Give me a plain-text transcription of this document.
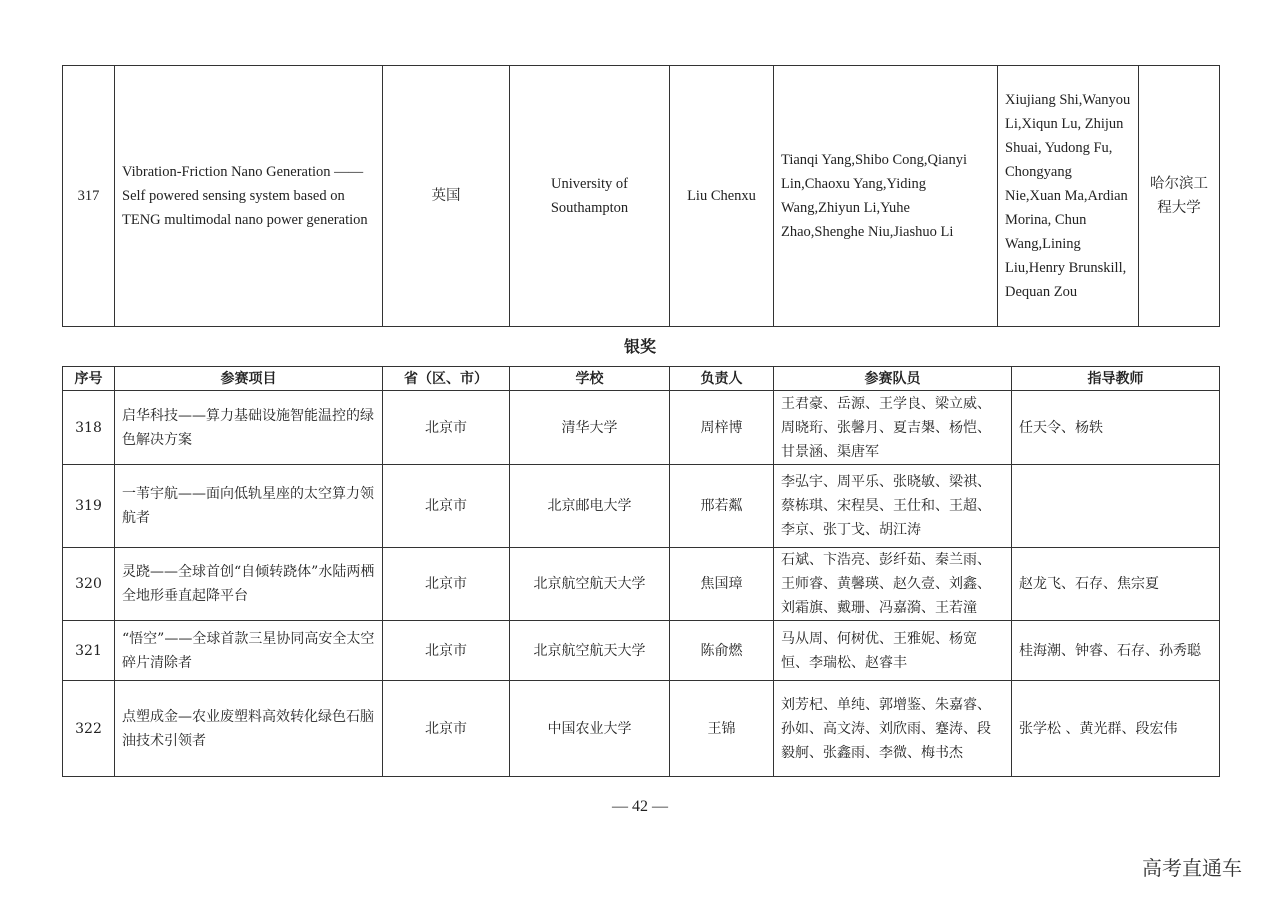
317	Vibration-Friction Nano Generation —— Self powered sensing system based on TENG multimodal nano power generation	英国	University of Southampton	Liu Chenxu	Tianqi Yang,Shibo Cong,Qianyi Lin,Chaoxu Yang,Yiding Wang,Zhiyun Li,Yuhe Zhao,Shenghe Niu,Jiashuo Li	Xiujiang Shi,Wanyou Li,Xiqun Lu, Zhijun Shuai, Yudong Fu, Chongyang Nie,Xuan Ma,Ardian Morina, Chun Wang,Lining Liu,Henry Brunskill, Dequan Zou	哈尔滨工程大学
银奖
序号	参赛项目	省（区、市）	学校	负责人	参赛队员	指导教师
318	启华科技——算力基础设施智能温控的绿色解决方案	北京市	清华大学	周梓博	王君豪、岳源、王学良、梁立威、周晓珩、张馨月、夏吉槼、杨恺、甘景涵、渠唐军	任天令、杨轶
319	一苇宇航——面向低轨星座的太空算力领航者	北京市	北京邮电大学	邢若粼	李弘宇、周平乐、张晓敏、梁祺、蔡栋琪、宋程昊、王仕和、王超、李京、张丁戈、胡江涛	
320	灵跷——全球首创“自倾转跷体”水陆两栖全地形垂直起降平台	北京市	北京航空航天大学	焦国璋	石斌、卞浩亮、彭纤茹、秦兰雨、王师睿、黄馨瑛、赵久壹、刘鑫、刘霜旗、戴珊、冯嘉漪、王若潼	赵龙飞、石存、焦宗夏
321	“悟空”——全球首款三星协同高安全太空碎片清除者	北京市	北京航空航天大学	陈俞燃	马从周、何树优、王雅妮、杨宽恒、李瑞松、赵睿丰	桂海潮、钟睿、石存、孙秀聪
322	点塑成金—农业废塑料高效转化绿色石脑油技术引领者	北京市	中国农业大学	王锦	刘芳杞、单纯、郭增鉴、朱嘉睿、孙如、高文涛、刘欣雨、蹇涛、段毅舸、张鑫雨、李微、梅书杰	张学松 、黄光群、段宏伟
— 42 —
高考直通车
